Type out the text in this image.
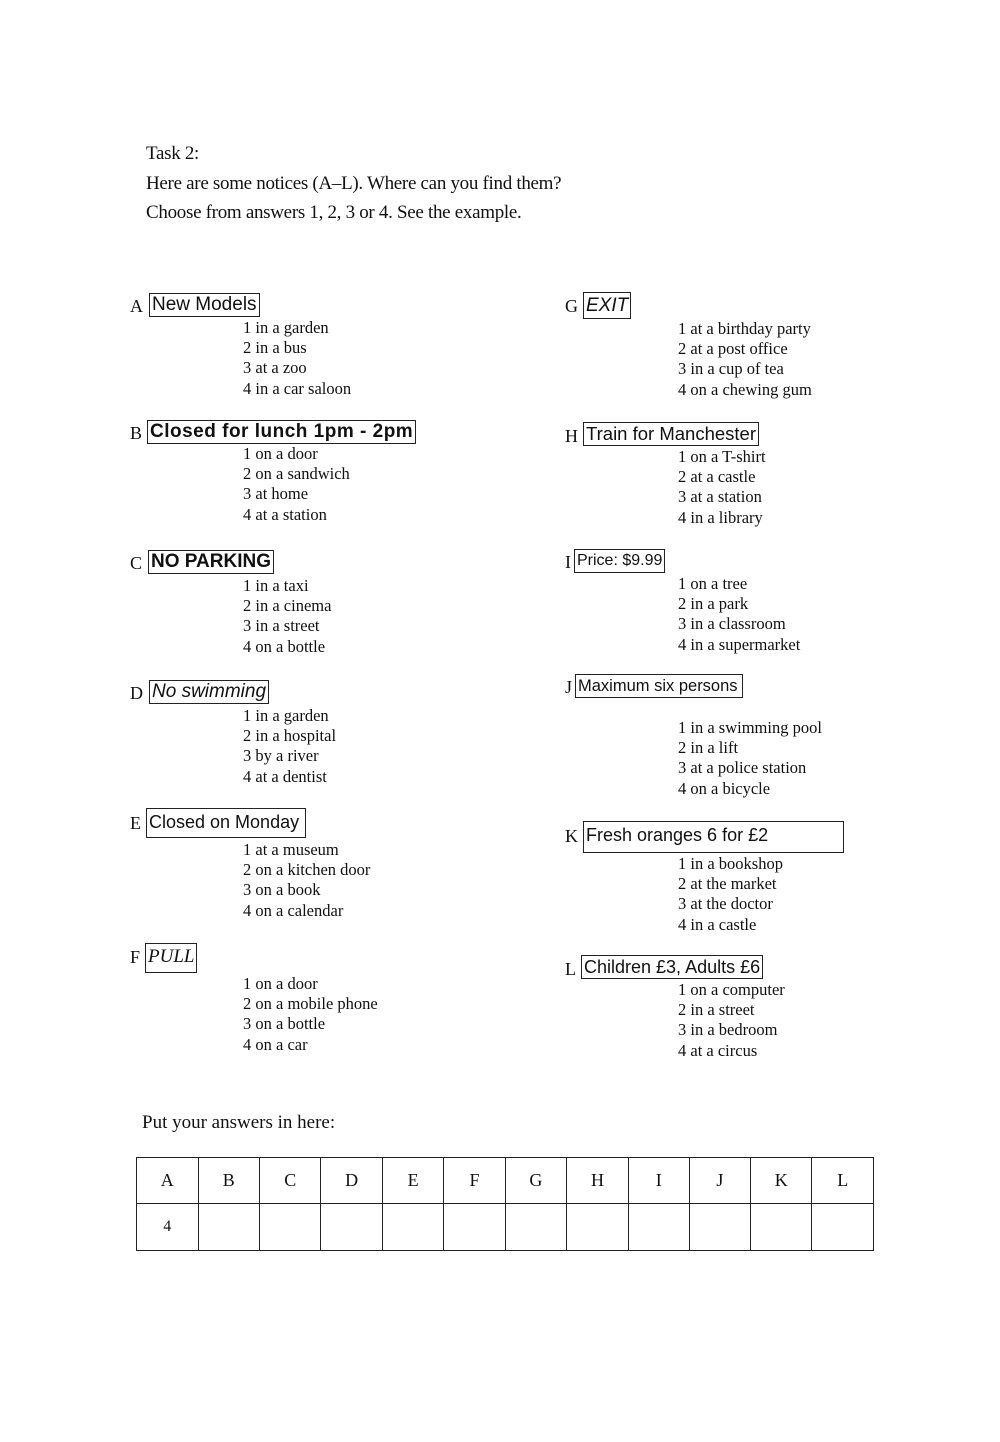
Task 2:
Here are some notices (A–L). Where can you find them?
Choose from answers 1, 2, 3 or 4. See the example.
A New Models
1 in a garden
2 in a bus
3 at a zoo
4 in a car saloon
B Closed for lunch 1pm - 2pm
1 on a door
2 on a sandwich
3 at home
4 at a station
C NO PARKING
1 in a taxi
2 in a cinema
3 in a street
4 on a bottle
D No swimming
1 in a garden
2 in a hospital
3 by a river
4 at a dentist
E Closed on Monday
1 at a museum
2 on a kitchen door
3 on a book
4 on a calendar
F PULL
1 on a door
2 on a mobile phone
3 on a bottle
4 on a car
G EXIT
1 at a birthday party
2 at a post office
3 in a cup of tea
4 on a chewing gum
H Train for Manchester
1 on a T-shirt
2 at a castle
3 at a station
4 in a library
I Price: $9.99
1 on a tree
2 in a park
3 in a classroom
4 in a supermarket
J Maximum six persons
1 in a swimming pool
2 in a lift
3 at a police station
4 on a bicycle
K Fresh oranges 6 for £2
1 in a bookshop
2 at the market
3 at the doctor
4 in a castle
L Children £3, Adults £6
1 on a computer
2 in a street
3 in a bedroom
4 at a circus
Put your answers in here:
A	B	C	D	E	F	G	H	I	J	K	L
4											
